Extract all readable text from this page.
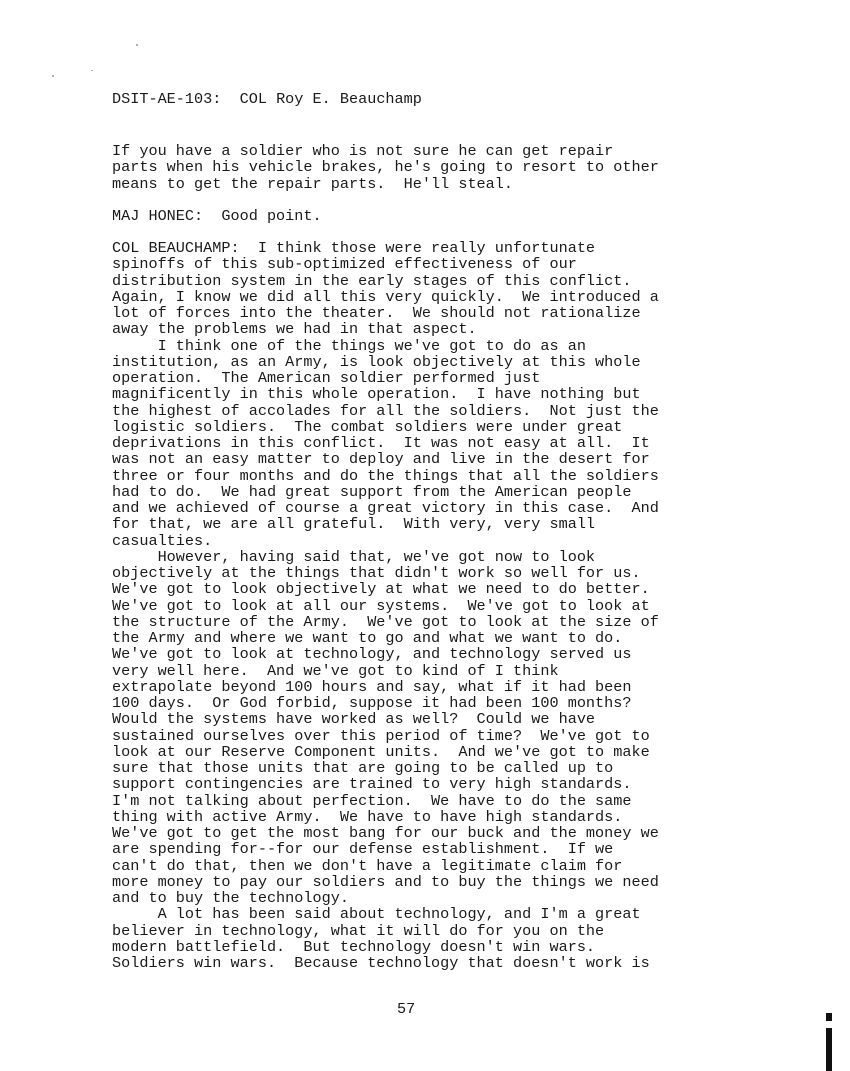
DSIT-AE-103: COL Roy E. Beauchamp
If you have a soldier who is not sure he can get repair
parts when his vehicle brakes, he's going to resort to other
means to get the repair parts.  He'll steal.
MAJ HONEC:  Good point.
COL BEAUCHAMP:  I think those were really unfortunate
spinoffs of this sub-optimized effectiveness of our
distribution system in the early stages of this conflict.
Again, I know we did all this very quickly.  We introduced a
lot of forces into the theater.  We should not rationalize
away the problems we had in that aspect.
I think one of the things we've got to do as an
institution, as an Army, is look objectively at this whole
operation.  The American soldier performed just
magnificently in this whole operation.  I have nothing but
the highest of accolades for all the soldiers.  Not just the
logistic soldiers.  The combat soldiers were under great
deprivations in this conflict.  It was not easy at all.  It
was not an easy matter to deploy and live in the desert for
three or four months and do the things that all the soldiers
had to do.  We had great support from the American people
and we achieved of course a great victory in this case.  And
for that, we are all grateful.  With very, very small
casualties.
However, having said that, we've got now to look
objectively at the things that didn't work so well for us.
We've got to look objectively at what we need to do better.
We've got to look at all our systems.  We've got to look at
the structure of the Army.  We've got to look at the size of
the Army and where we want to go and what we want to do.
We've got to look at technology, and technology served us
very well here.  And we've got to kind of I think
extrapolate beyond 100 hours and say, what if it had been
100 days.  Or God forbid, suppose it had been 100 months?
Would the systems have worked as well?  Could we have
sustained ourselves over this period of time?  We've got to
look at our Reserve Component units.  And we've got to make
sure that those units that are going to be called up to
support contingencies are trained to very high standards.
I'm not talking about perfection.  We have to do the same
thing with active Army.  We have to have high standards.
We've got to get the most bang for our buck and the money we
are spending for--for our defense establishment.  If we
can't do that, then we don't have a legitimate claim for
more money to pay our soldiers and to buy the things we need
and to buy the technology.
A lot has been said about technology, and I'm a great
believer in technology, what it will do for you on the
modern battlefield.  But technology doesn't win wars.
Soldiers win wars.  Because technology that doesn't work is
57
